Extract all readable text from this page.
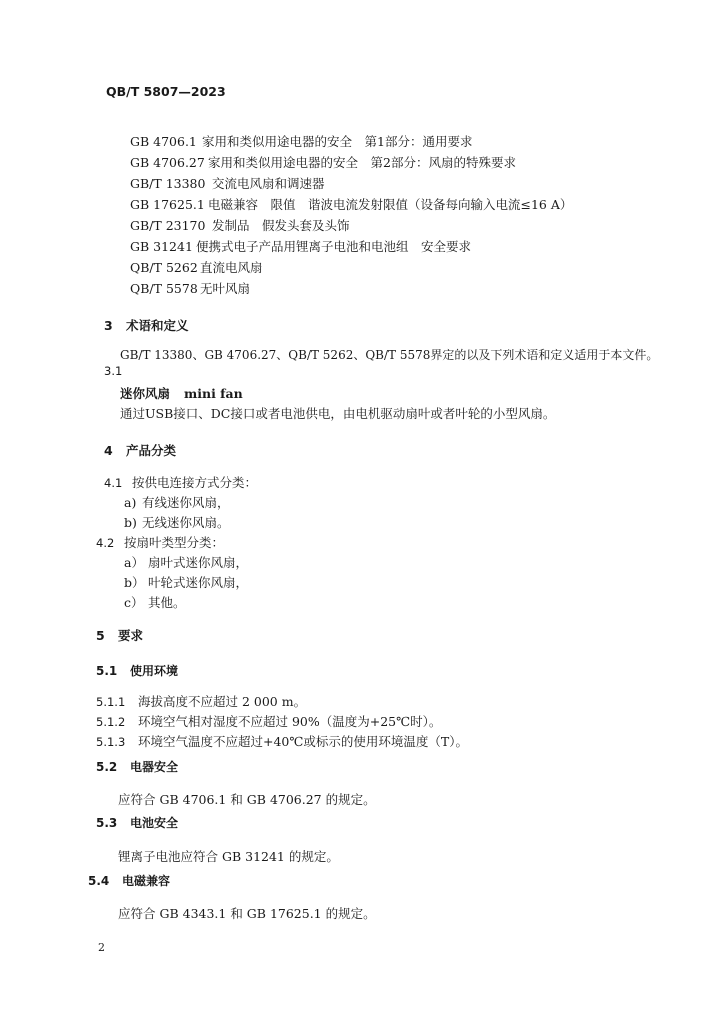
QB/T 5807—2023
GB 4706.1 家用和类似用途电器的安全　第1部分：通用要求
GB 4706.27 家用和类似用途电器的安全　第2部分：风扇的特殊要求
GB/T 13380 交流电风扇和调速器
GB 17625.1 电磁兼容　限值　谐波电流发射限值（设备每向输入电流≤16 A）
GB/T 23170 发制品　假发头套及头饰
GB 31241 便携式电子产品用锂离子电池和电池组　安全要求
QB/T 5262 直流电风扇
QB/T 5578 无叶风扇
3 术语和定义
GB/T 13380、GB 4706.27、QB/T 5262、QB/T 5578界定的以及下列术语和定义适用于本文件。
3.1
迷你风扇 mini fan
通过USB接口、DC接口或者电池供电，由电机驱动扇叶或者叶轮的小型风扇。
4 产品分类
4.1 按供电连接方式分类：
a) 有线迷你风扇，
b) 无线迷你风扇。
4.2 按扇叶类型分类：
a） 扇叶式迷你风扇，
b） 叶轮式迷你风扇，
c） 其他。
5 要求
5.1 使用环境
5.1.1 海拔高度不应超过 2 000 m。
5.1.2 环境空气相对湿度不应超过 90%（温度为+25℃时）。
5.1.3 环境空气温度不应超过+40℃或标示的使用环境温度（T）。
5.2 电器安全
应符合 GB 4706.1 和 GB 4706.27 的规定。
5.3 电池安全
锂离子电池应符合 GB 31241 的规定。
5.4 电磁兼容
应符合 GB 4343.1 和 GB 17625.1 的规定。
2
